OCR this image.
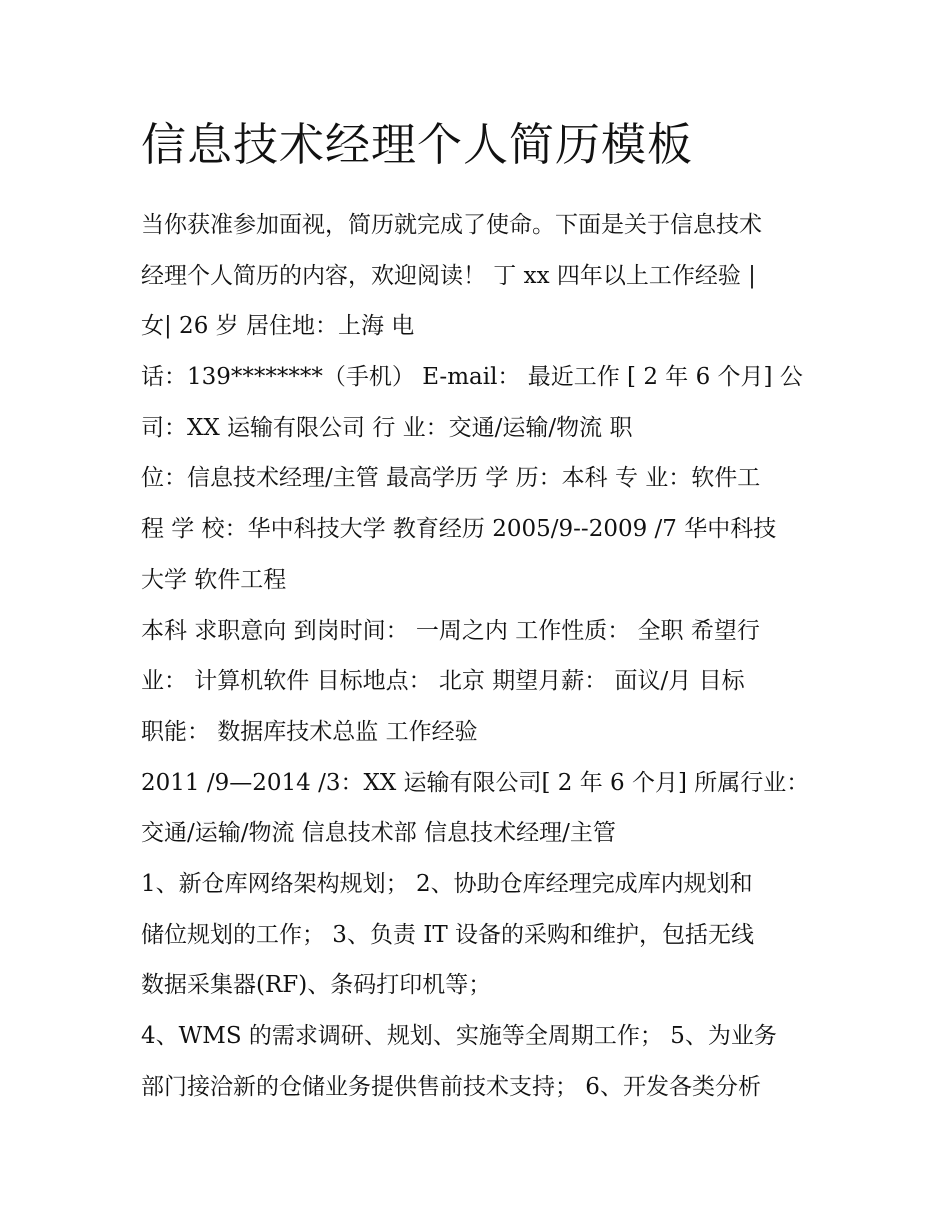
信息技术经理个人简历模板
当你获准参加面视，简历就完成了使命。下面是关于信息技术
经理个人简历的内容，欢迎阅读！ 丁 xx 四年以上工作经验 |
女| 26 岁 居住地：上海 电
话：139********（手机） E-mail： 最近工作 [ 2 年 6 个月] 公
司：XX 运输有限公司 行 业：交通/运输/物流 职
位：信息技术经理/主管 最高学历 学 历：本科 专 业：软件工
程 学 校：华中科技大学 教育经历 2005/9--2009 /7 华中科技
大学 软件工程
本科 求职意向 到岗时间： 一周之内 工作性质： 全职 希望行
业： 计算机软件 目标地点： 北京 期望月薪： 面议/月 目标
职能： 数据库技术总监 工作经验
2011 /9—2014 /3：XX 运输有限公司[ 2 年 6 个月] 所属行业：
交通/运输/物流 信息技术部 信息技术经理/主管
1、新仓库网络架构规划； 2、协助仓库经理完成库内规划和
储位规划的工作； 3、负责 IT 设备的采购和维护，包括无线
数据采集器(RF)、条码打印机等；
4、WMS 的需求调研、规划、实施等全周期工作； 5、为业务
部门接洽新的仓储业务提供售前技术支持； 6、开发各类分析
